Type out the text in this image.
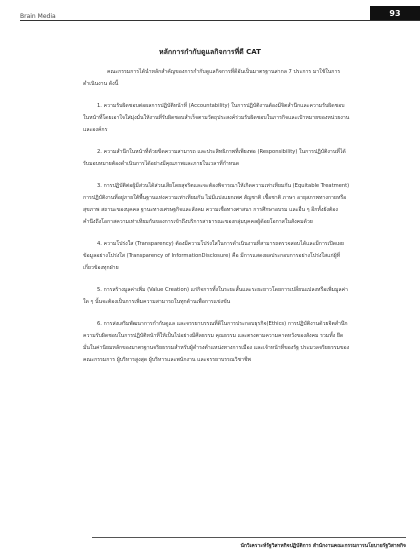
Brain Media	93
หลักการกำกับดูแลกิจการที่ดี CAT

คณะกรรมการได้นำหลักสำคัญของการกำกับดูแลกิจการที่ดีอันเป็นมาตรฐานสากล 7 ประการ มาใช้ในการดำเนินงาน ดังนี้

1. ความรับผิดชอบต่อผลการปฏิบัติหน้าที่ (Accountability) ในการปฏิบัติงานต้องมีจิตสำนึกและความรับผิดชอบในหน้าที่โดยเอาใจใส่มุ่งมั่นให้งานที่รับผิดชอบสำเร็จตามวัตถุประสงค์ร่วมรับผิดชอบในภารกิจและเป้าหมายของหน่วยงานและองค์กร

2. ความสำนึกในหน้าที่ด้วยขีดความสามารถ และประสิทธิภาพที่เพียงพอ (Responsibility) ในการปฏิบัติงานที่ได้รับมอบหมายต้องดำเนินการได้อย่างมีคุณภาพและภายในเวลาที่กำหนด

3. การปฏิบัติต่อผู้มีส่วนได้ส่วนเสียโดยสุจริตและจะต้องพิจารณาให้เกิดความเท่าเทียมกัน (Equitable Treatment) การปฏิบัติงานที่อยู่ภายใต้พื้นฐานแห่งความเท่าเทียมกัน ไม่มีแบ่งแยกเพศ สัญชาติ เชื้อชาติ ภาษา อายุสภาพทางกายหรือสุขภาพ สถานะของบุคคล ฐานะทางเศรษฐกิจและสังคม ความเชื่อทางศาสนา การศึกษาอบรม และอื่น ๆ อีกทั้งยังต้องคำนึงถึงโอกาสความเท่าเทียมกันของการเข้าถึงบริการสาธารณะของกลุ่มบุคคลผู้ด้อยโอกาสในสังคมด้วย

4. ความโปร่งใส (Transparency) ต้องมีความโปร่งใสในการดำเนินงานที่สามารถตรวจสอบได้และมีการเปิดเผยข้อมูลอย่างโปร่งใส (Transparency of InformationDisclosure) คือ มีการแสดงผลประกอบการอย่างโปร่งใสแก่ผู้ที่เกี่ยวข้องทุกฝ่าย

5. การสร้างมูลค่าเพิ่ม (Value Creation) แก่กิจการทั้งในระยะสั้นและระยะยาวโดยการเปลี่ยนแปลงหรือเพิ่มมูลค่าใด ๆ นั้นจะต้องเป็นการเพิ่มความสามารถในทุกด้านเพื่อการแข่งขัน

6. การส่งเสริมพัฒนาการกำกับดูแล และจรรยาบรรณที่ดีในการประกอบธุรกิจ(Ethics) การปฏิบัติงานด้วยจิตสำนึกความรับผิดชอบในการปฏิบัติหน้าที่ให้เป็นไปอย่างมีศีลธรรม คุณธรรม และตรงตามความคาดหวังของสังคม รวมทั้ง ยึดมั่นในค่านิยมหลักของมาตรฐานจริยธรรมสำหรับผู้ดำรงตำแหน่งทางการเมือง และเจ้าหน้าที่ของรัฐ ประมวลจริยธรรมของคณะกรรมการ ผู้บริหารสูงสุด ผู้บริหารและพนักงาน และจรรยาบรรณวิชาชีพ

นักวิเคราะห์รัฐวิสาหกิจปฏิบัติการ สำนักงานคณะกรรมการนโยบายรัฐวิสาหกิจ
